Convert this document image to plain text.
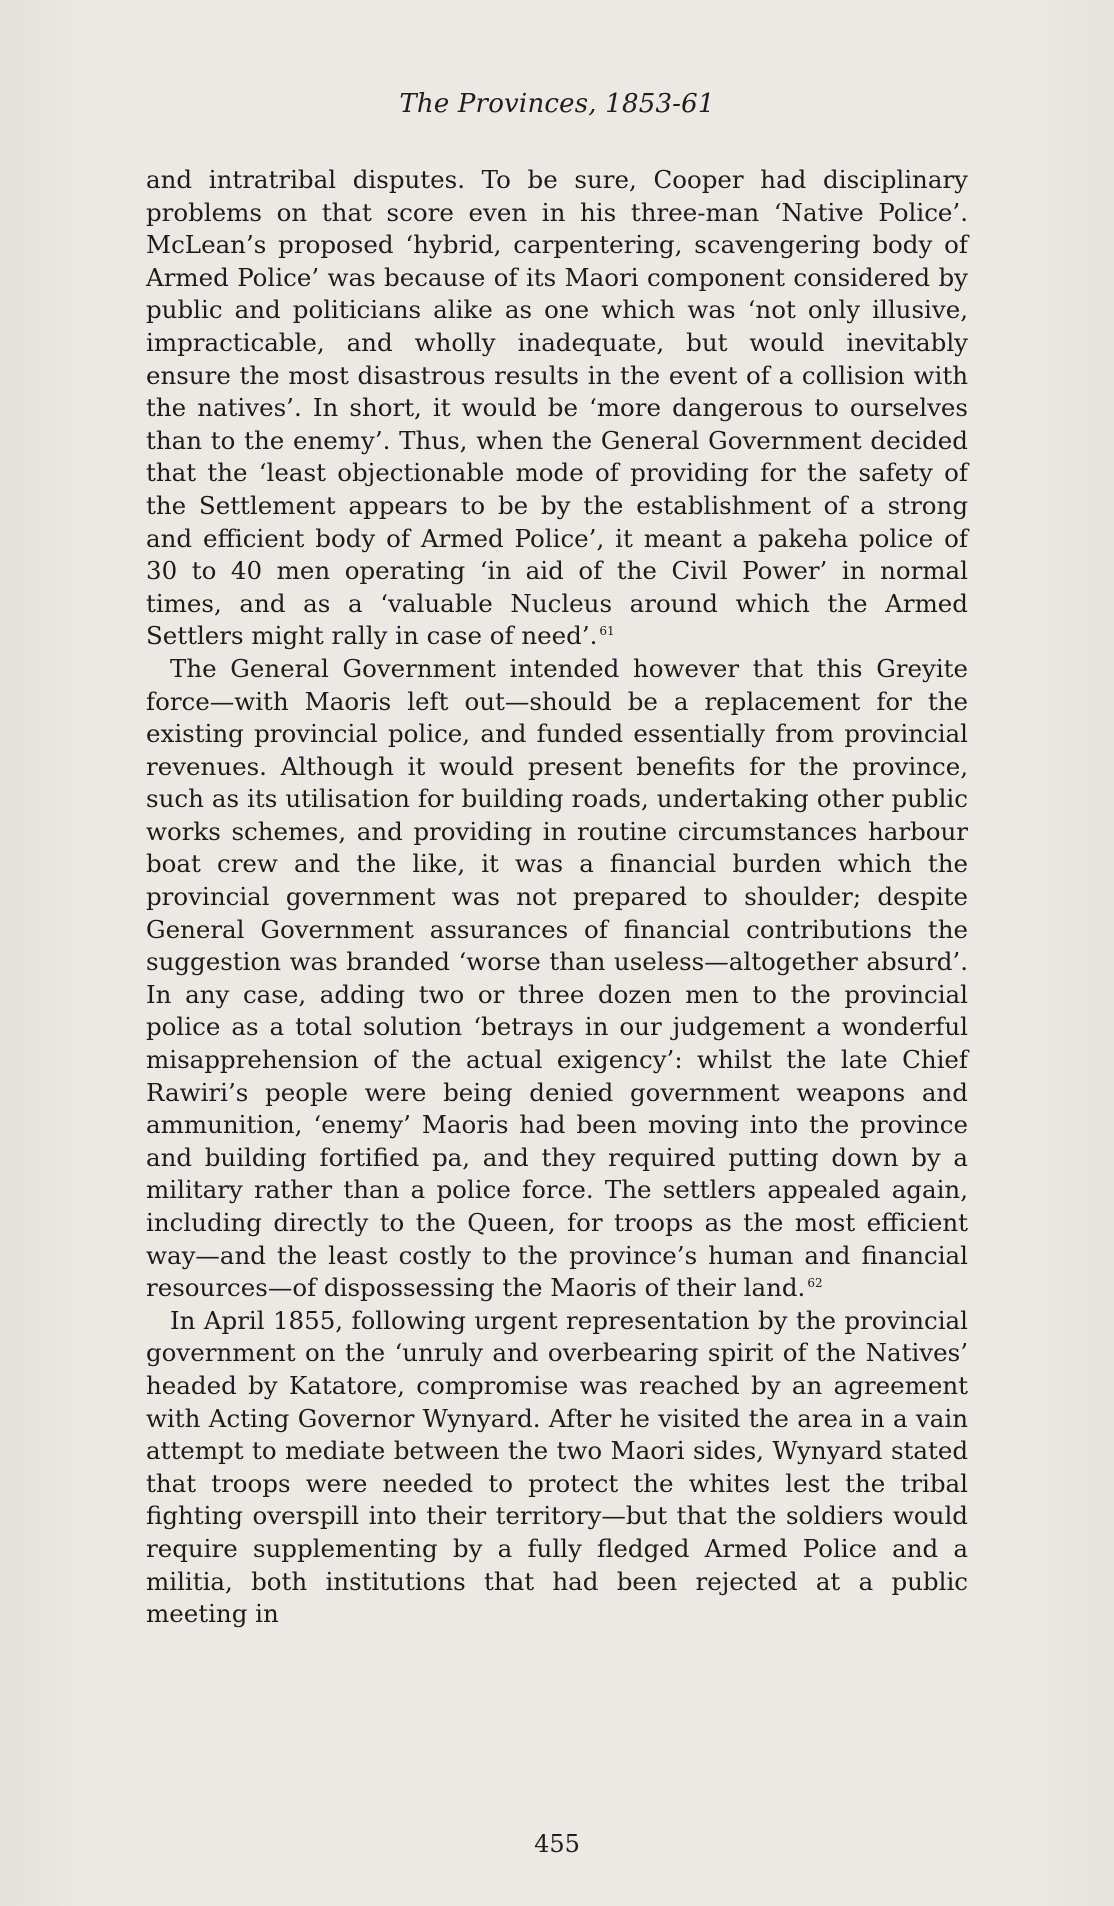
The Provinces, 1853-61

and intratribal disputes. To be sure, Cooper had disciplinary problems on that score even in his three-man ‘Native Police’. McLean’s proposed ‘hybrid, carpentering, scavengering body of Armed Police’ was because of its Maori component considered by public and politicians alike as one which was ‘not only illusive, impracticable, and wholly inadequate, but would inevitably ensure the most disastrous results in the event of a collision with the natives’. In short, it would be ‘more dangerous to ourselves than to the enemy’. Thus, when the General Government decided that the ‘least objectionable mode of providing for the safety of the Settlement appears to be by the establishment of a strong and efficient body of Armed Police’, it meant a pakeha police of 30 to 40 men operating ‘in aid of the Civil Power’ in normal times, and as a ‘valuable Nucleus around which the Armed Settlers might rally in case of need’. $^{61}$

The General Government intended however that this Greyite force—with Maoris left out—should be a replacement for the existing provincial police, and funded essentially from provincial revenues. Although it would present benefits for the province, such as its utilisation for building roads, undertaking other public works schemes, and providing in routine circumstances harbour boat crew and the like, it was a financial burden which the provincial government was not prepared to shoulder; despite General Government assurances of financial contributions the suggestion was branded ‘worse than useless—altogether absurd’. In any case, adding two or three dozen men to the provincial police as a total solution ‘betrays in our judgement a wonderful misapprehension of the actual exigency’: whilst the late Chief Rawiri’s people were being denied government weapons and ammunition, ‘enemy’ Maoris had been moving into the province and building fortified pa, and they required putting down by a military rather than a police force. The settlers appealed again, including directly to the Queen, for troops as the most efficient way—and the least costly to the province’s human and financial resources—of dispossessing the Maoris of their land. $^{62}$

In April 1855, following urgent representation by the provincial government on the ‘unruly and overbearing spirit of the Natives’ headed by Katatore, compromise was reached by an agreement with Acting Governor Wynyard. After he visited the area in a vain attempt to mediate between the two Maori sides, Wynyard stated that troops were needed to protect the whites lest the tribal fighting overspill into their territory—but that the soldiers would require supplementing by a fully fledged Armed Police and a militia, both institutions that had been rejected at a public meeting in

455
